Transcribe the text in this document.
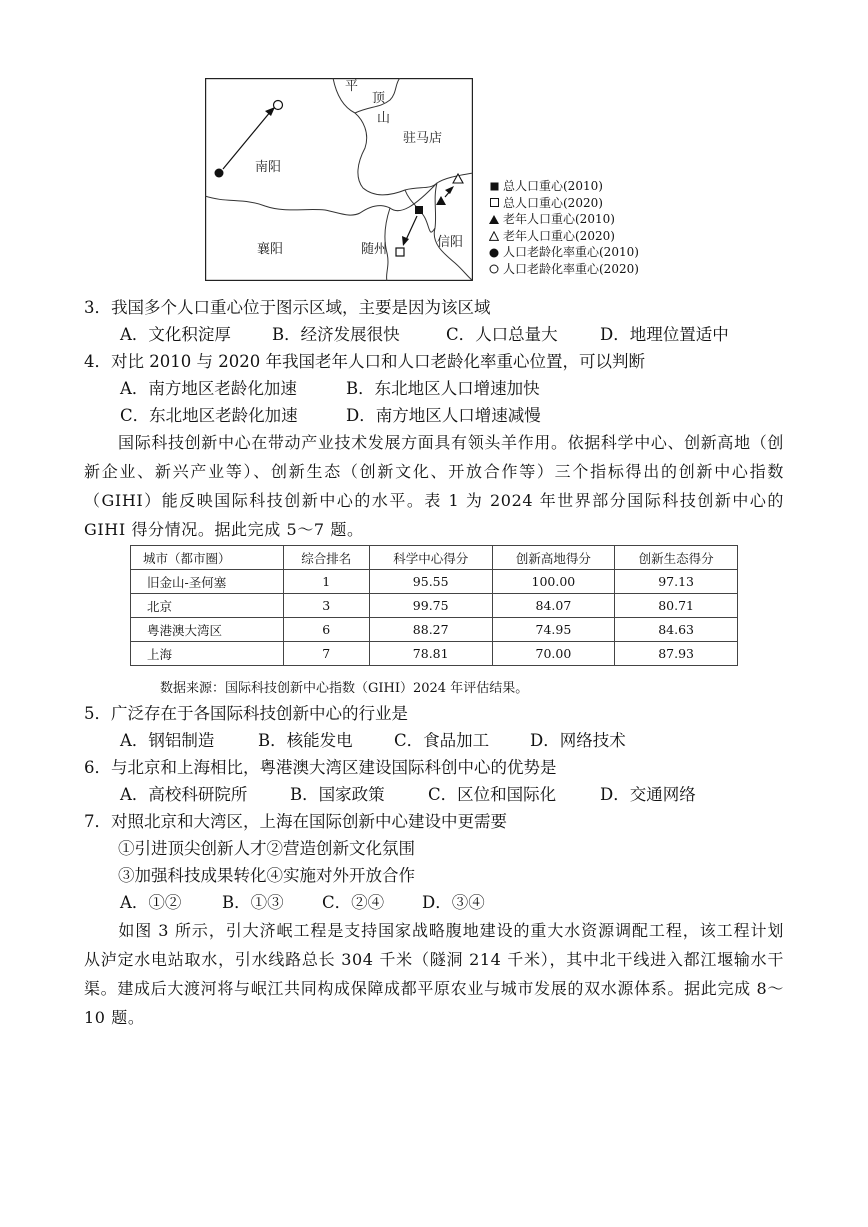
平
顶
山
驻马店
南阳
襄阳	随州	信阳
总人口重心(2010)
总人口重心(2020)
老年人口重心(2010)
老年人口重心(2020)
人口老龄化率重心(2010)
人口老龄化率重心(2020)
3．我国多个人口重心位于图示区域，主要是因为该区域
A．文化积淀厚 B．经济发展很快	C．人口总量大	D．地理位置适中
4．对比 2010 与 2020 年我国老年人口和人口老龄化率重心位置，可以判断
A．南方地区老龄化加速	B．东北地区人口增速加快
C．东北地区老龄化加速	D．南方地区人口增速减慢
国际科技创新中心在带动产业技术发展方面具有领头羊作用。依据科学中心、创新高地（创新企业、新兴产业等）、创新生态（创新文化、开放合作等）三个指标得出的创新中心指数（GIHI）能反映国际科技创新中心的水平。表 1 为 2024 年世界部分国际科技创新中心的 GIHI 得分情况。据此完成 5～7 题。
城市（都市圈）	综合排名	科学中心得分	创新高地得分	创新生态得分
旧金山-圣何塞	1	95.55	100.00	97.13
北京	3	99.75	84.07	80.71
粤港澳大湾区	6	88.27	74.95	84.63
上海	7	78.81	70.00	87.93
数据来源：国际科技创新中心指数（GIHI）2024 年评估结果。
5．广泛存在于各国际科技创新中心的行业是
A．钢铝制造	B．核能发电	C．食品加工 D．网络技术
6．与北京和上海相比，粤港澳大湾区建设国际科创中心的优势是
A．高校科研院所	B．国家政策	C．区位和国际化	D．交通网络
7．对照北京和大湾区，上海在国际创新中心建设中更需要
①引进顶尖创新人才②营造创新文化氛围
③加强科技成果转化④实施对外开放合作
A．①② B．①③ C．②④ D．③④
如图 3 所示，引大济岷工程是支持国家战略腹地建设的重大水资源调配工程，该工程计划从泸定水电站取水，引水线路总长 304 千米（隧洞 214 千米），其中北干线进入都江堰输水干渠。建成后大渡河将与岷江共同构成保障成都平原农业与城市发展的双水源体系。据此完成 8～10 题。
